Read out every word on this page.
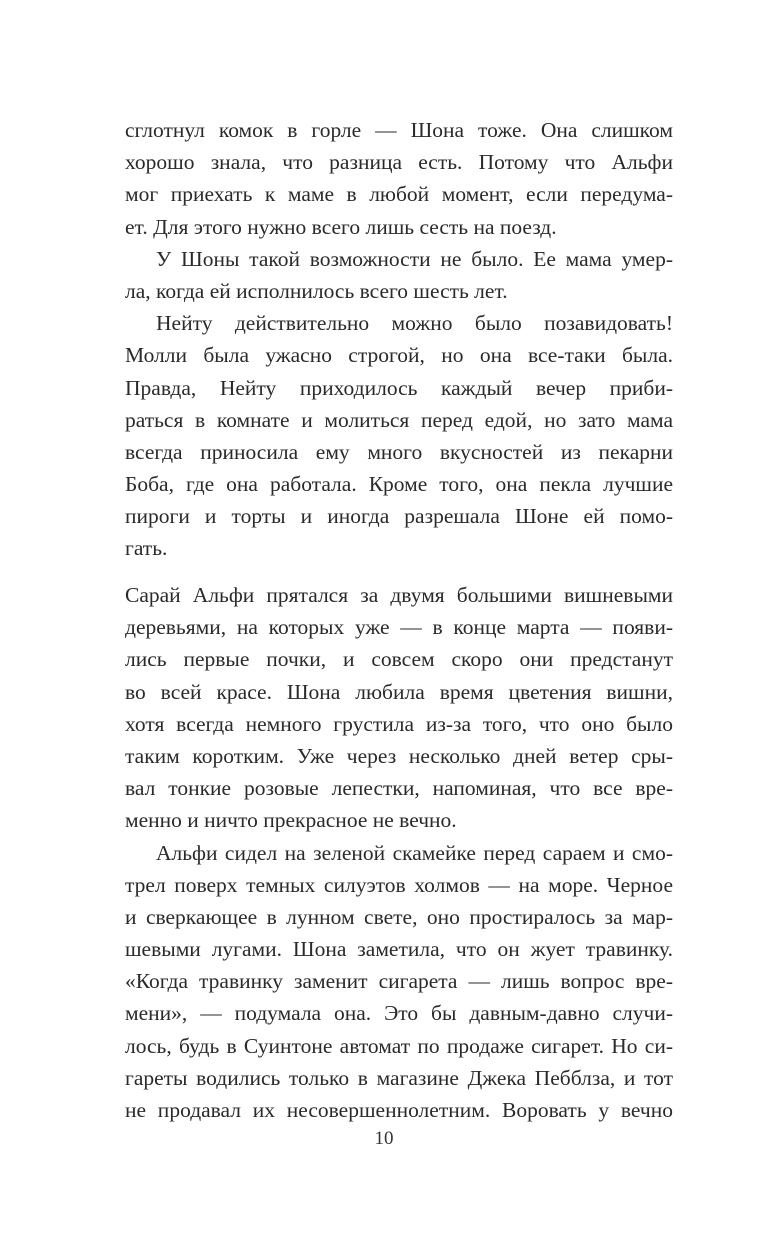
сглотнул комок в горле — Шона тоже. Она слишком
хорошо знала, что разница есть. Потому что Альфи
мог приехать к маме в любой момент, если передума-
ет. Для этого нужно всего лишь сесть на поезд.
У Шоны такой возможности не было. Ее мама умер-
ла, когда ей исполнилось всего шесть лет.
Нейту действительно можно было позавидовать!
Молли была ужасно строгой, но она все-таки была.
Правда, Нейту приходилось каждый вечер приби-
раться в комнате и молиться перед едой, но зато мама
всегда приносила ему много вкусностей из пекарни
Боба, где она работала. Кроме того, она пекла лучшие
пироги и торты и иногда разрешала Шоне ей помо-
гать.
Сарай Альфи прятался за двумя большими вишневыми
деревьями, на которых уже — в конце марта — появи-
лись первые почки, и совсем скоро они предстанут
во всей красе. Шона любила время цветения вишни,
хотя всегда немного грустила из-за того, что оно было
таким коротким. Уже через несколько дней ветер сры-
вал тонкие розовые лепестки, напоминая, что все вре-
менно и ничто прекрасное не вечно.
Альфи сидел на зеленой скамейке перед сараем и смо-
трел поверх темных силуэтов холмов — на море. Черное
и сверкающее в лунном свете, оно простиралось за мар-
шевыми лугами. Шона заметила, что он жует травинку.
«Когда травинку заменит сигарета — лишь вопрос вре-
мени», — подумала она. Это бы давным-давно случи-
лось, будь в Суинтоне автомат по продаже сигарет. Но си-
гареты водились только в магазине Джека Пебблза, и тот
не продавал их несовершеннолетним. Воровать у вечно
10
